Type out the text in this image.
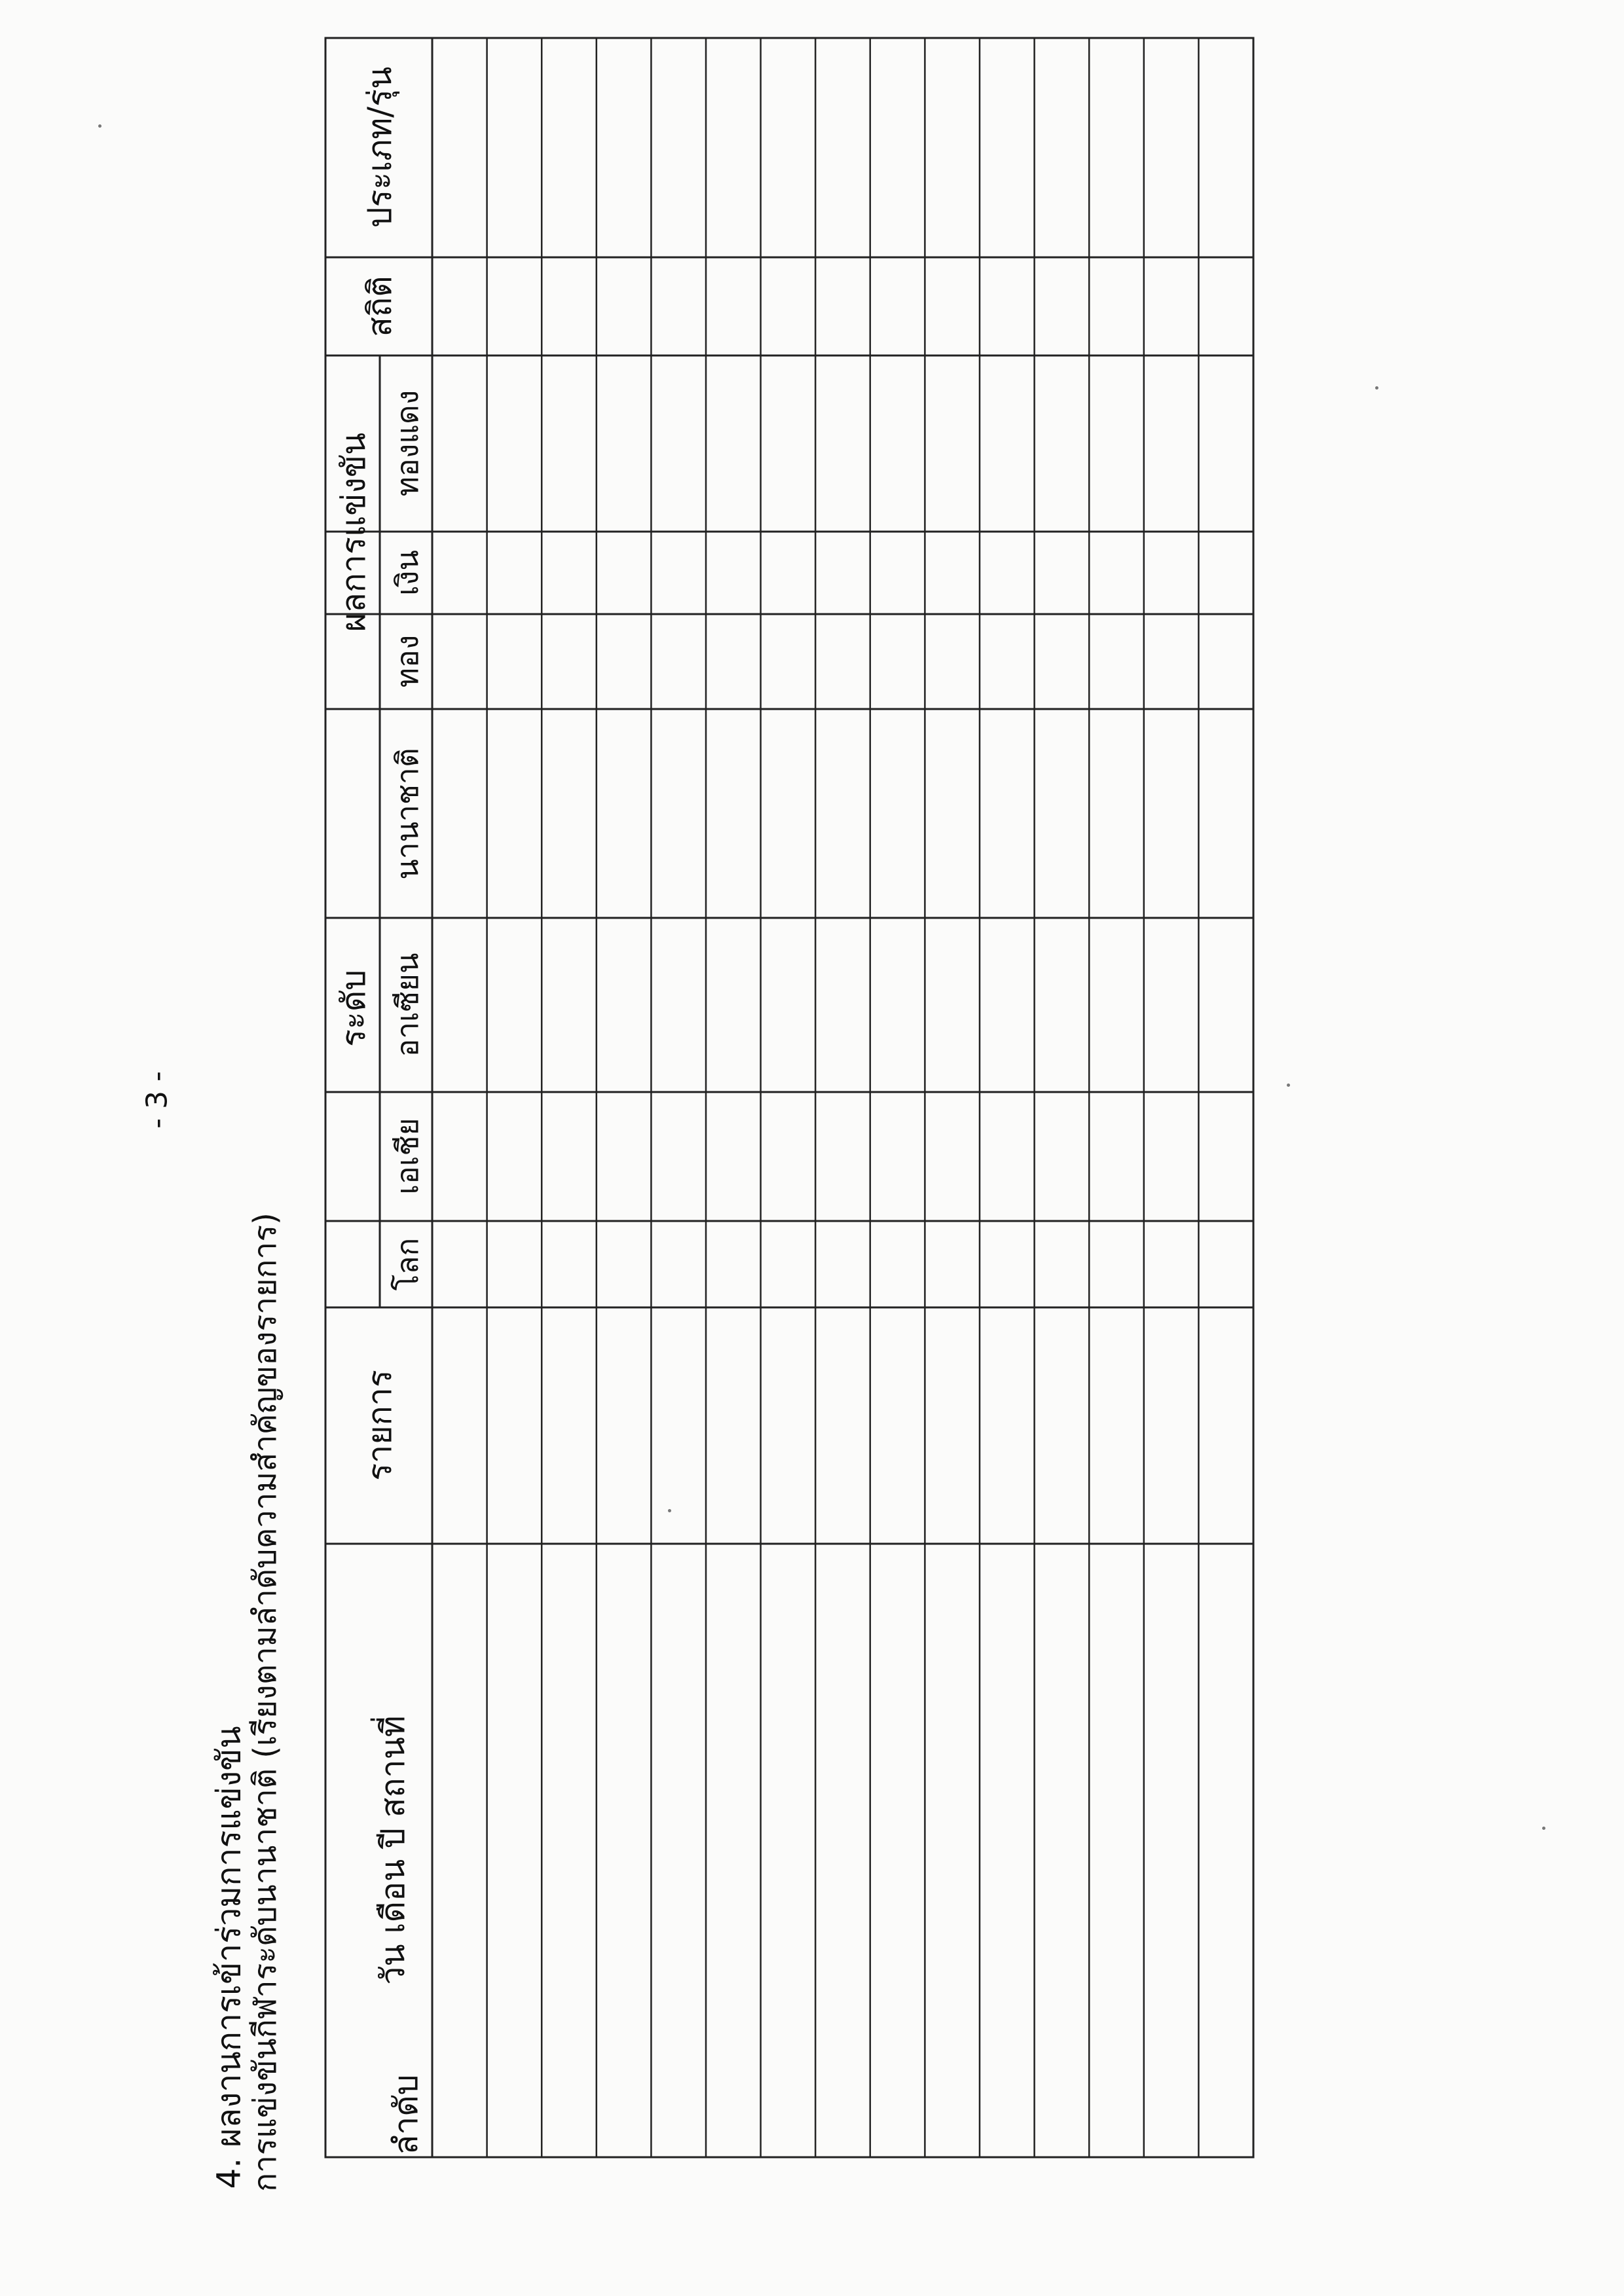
- 3 -
4. ผลงานการเข้าร่วมการแข่งขัน
การแข่งขันกีฬาระดับนานาชาติ (เรียงตามลำดับความสำคัญของรายการ)	ลำดับ
วัน เดือน ปี สถานที่
รายการ
ระดับ
โลก
เอเชีย
อาเซียน
นานาชาติ
ผลการแข่งขัน
ทอง
เงิน
ทองแดง
สถิติ
ประเภท/รุ่น
